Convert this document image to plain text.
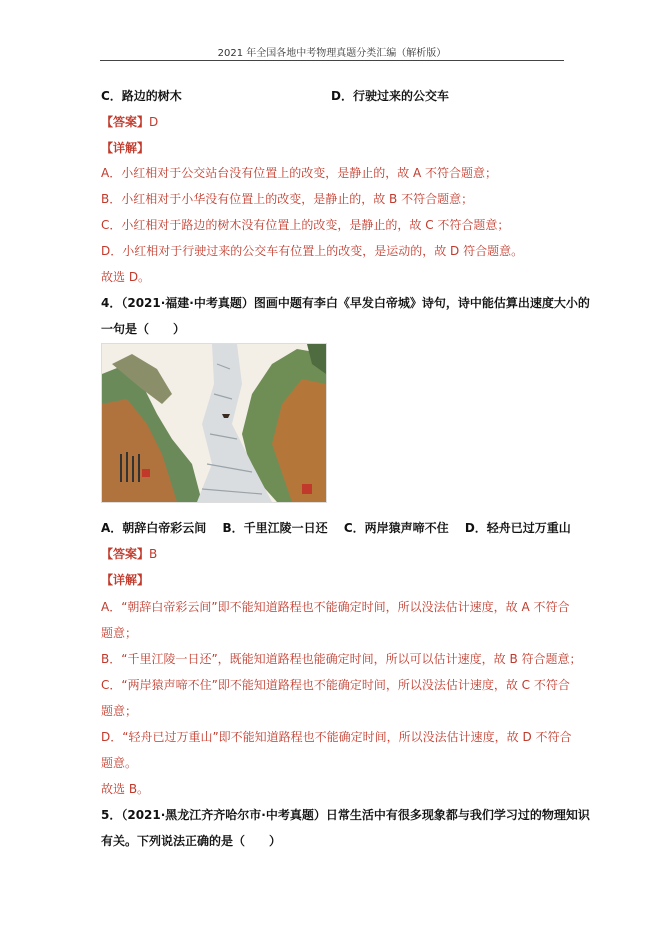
2021 年全国各地中考物理真题分类汇编（解析版）
C．路边的树木	D．行驶过来的公交车
【答案】D
【详解】
A．小红相对于公交站台没有位置上的改变，是静止的，故 A 不符合题意；
B．小红相对于小华没有位置上的改变，是静止的，故 B 不符合题意；
C．小红相对于路边的树木没有位置上的改变，是静止的，故 C 不符合题意；
D．小红相对于行驶过来的公交车有位置上的改变，是运动的，故 D 符合题意。
故选 D。
4．（2021·福建·中考真题）图画中题有李白《早发白帝城》诗句，诗中能估算出速度大小的
一句是（　　）
A．朝辞白帝彩云间 B．千里江陵一日还 C．两岸猿声啼不住 D．轻舟已过万重山
【答案】B
【详解】
A．“朝辞白帝彩云间”即不能知道路程也不能确定时间，所以没法估计速度，故 A 不符合
题意；
B．“千里江陵一日还”，既能知道路程也能确定时间，所以可以估计速度，故 B 符合题意；
C．“两岸猿声啼不住”即不能知道路程也不能确定时间，所以没法估计速度，故 C 不符合
题意；
D．“轻舟已过万重山”即不能知道路程也不能确定时间，所以没法估计速度，故 D 不符合
题意。
故选 B。
5．（2021·黑龙江齐齐哈尔市·中考真题）日常生活中有很多现象都与我们学习过的物理知识
有关。下列说法正确的是（　　）
